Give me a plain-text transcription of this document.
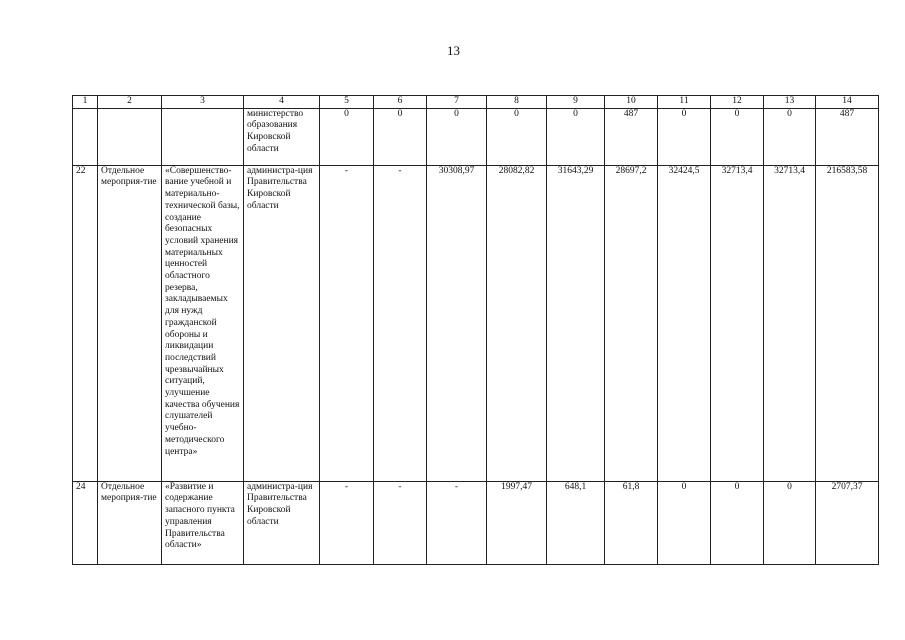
13
1	2	3	4	5	6	7	8	9	10	11	12	13	14
			министерство образования Кировской области	0	0	0	0	0	487	0	0	0	487
22	Отдельное мероприя-тие	«Совершенство-вание учебной и материально-технической базы, создание безопасных условий хранения материальных ценностей областного резерва, закладываемых для нужд гражданской обороны и ликвидации последствий чрезвычайных ситуаций, улучшение качества обучения слушателей учебно-методического центра»	администра-ция Правительства Кировской области	-	-	30308,97	28082,82	31643,29	28697,2	32424,5	32713,4	32713,4	216583,58
24	Отдельное мероприя-тие	«Развитие и содержание запасного пункта управления Правительства области»	администра-ция Правительства Кировской области	-	-	-	1997,47	648,1	61,8	0	0	0	2707,37
